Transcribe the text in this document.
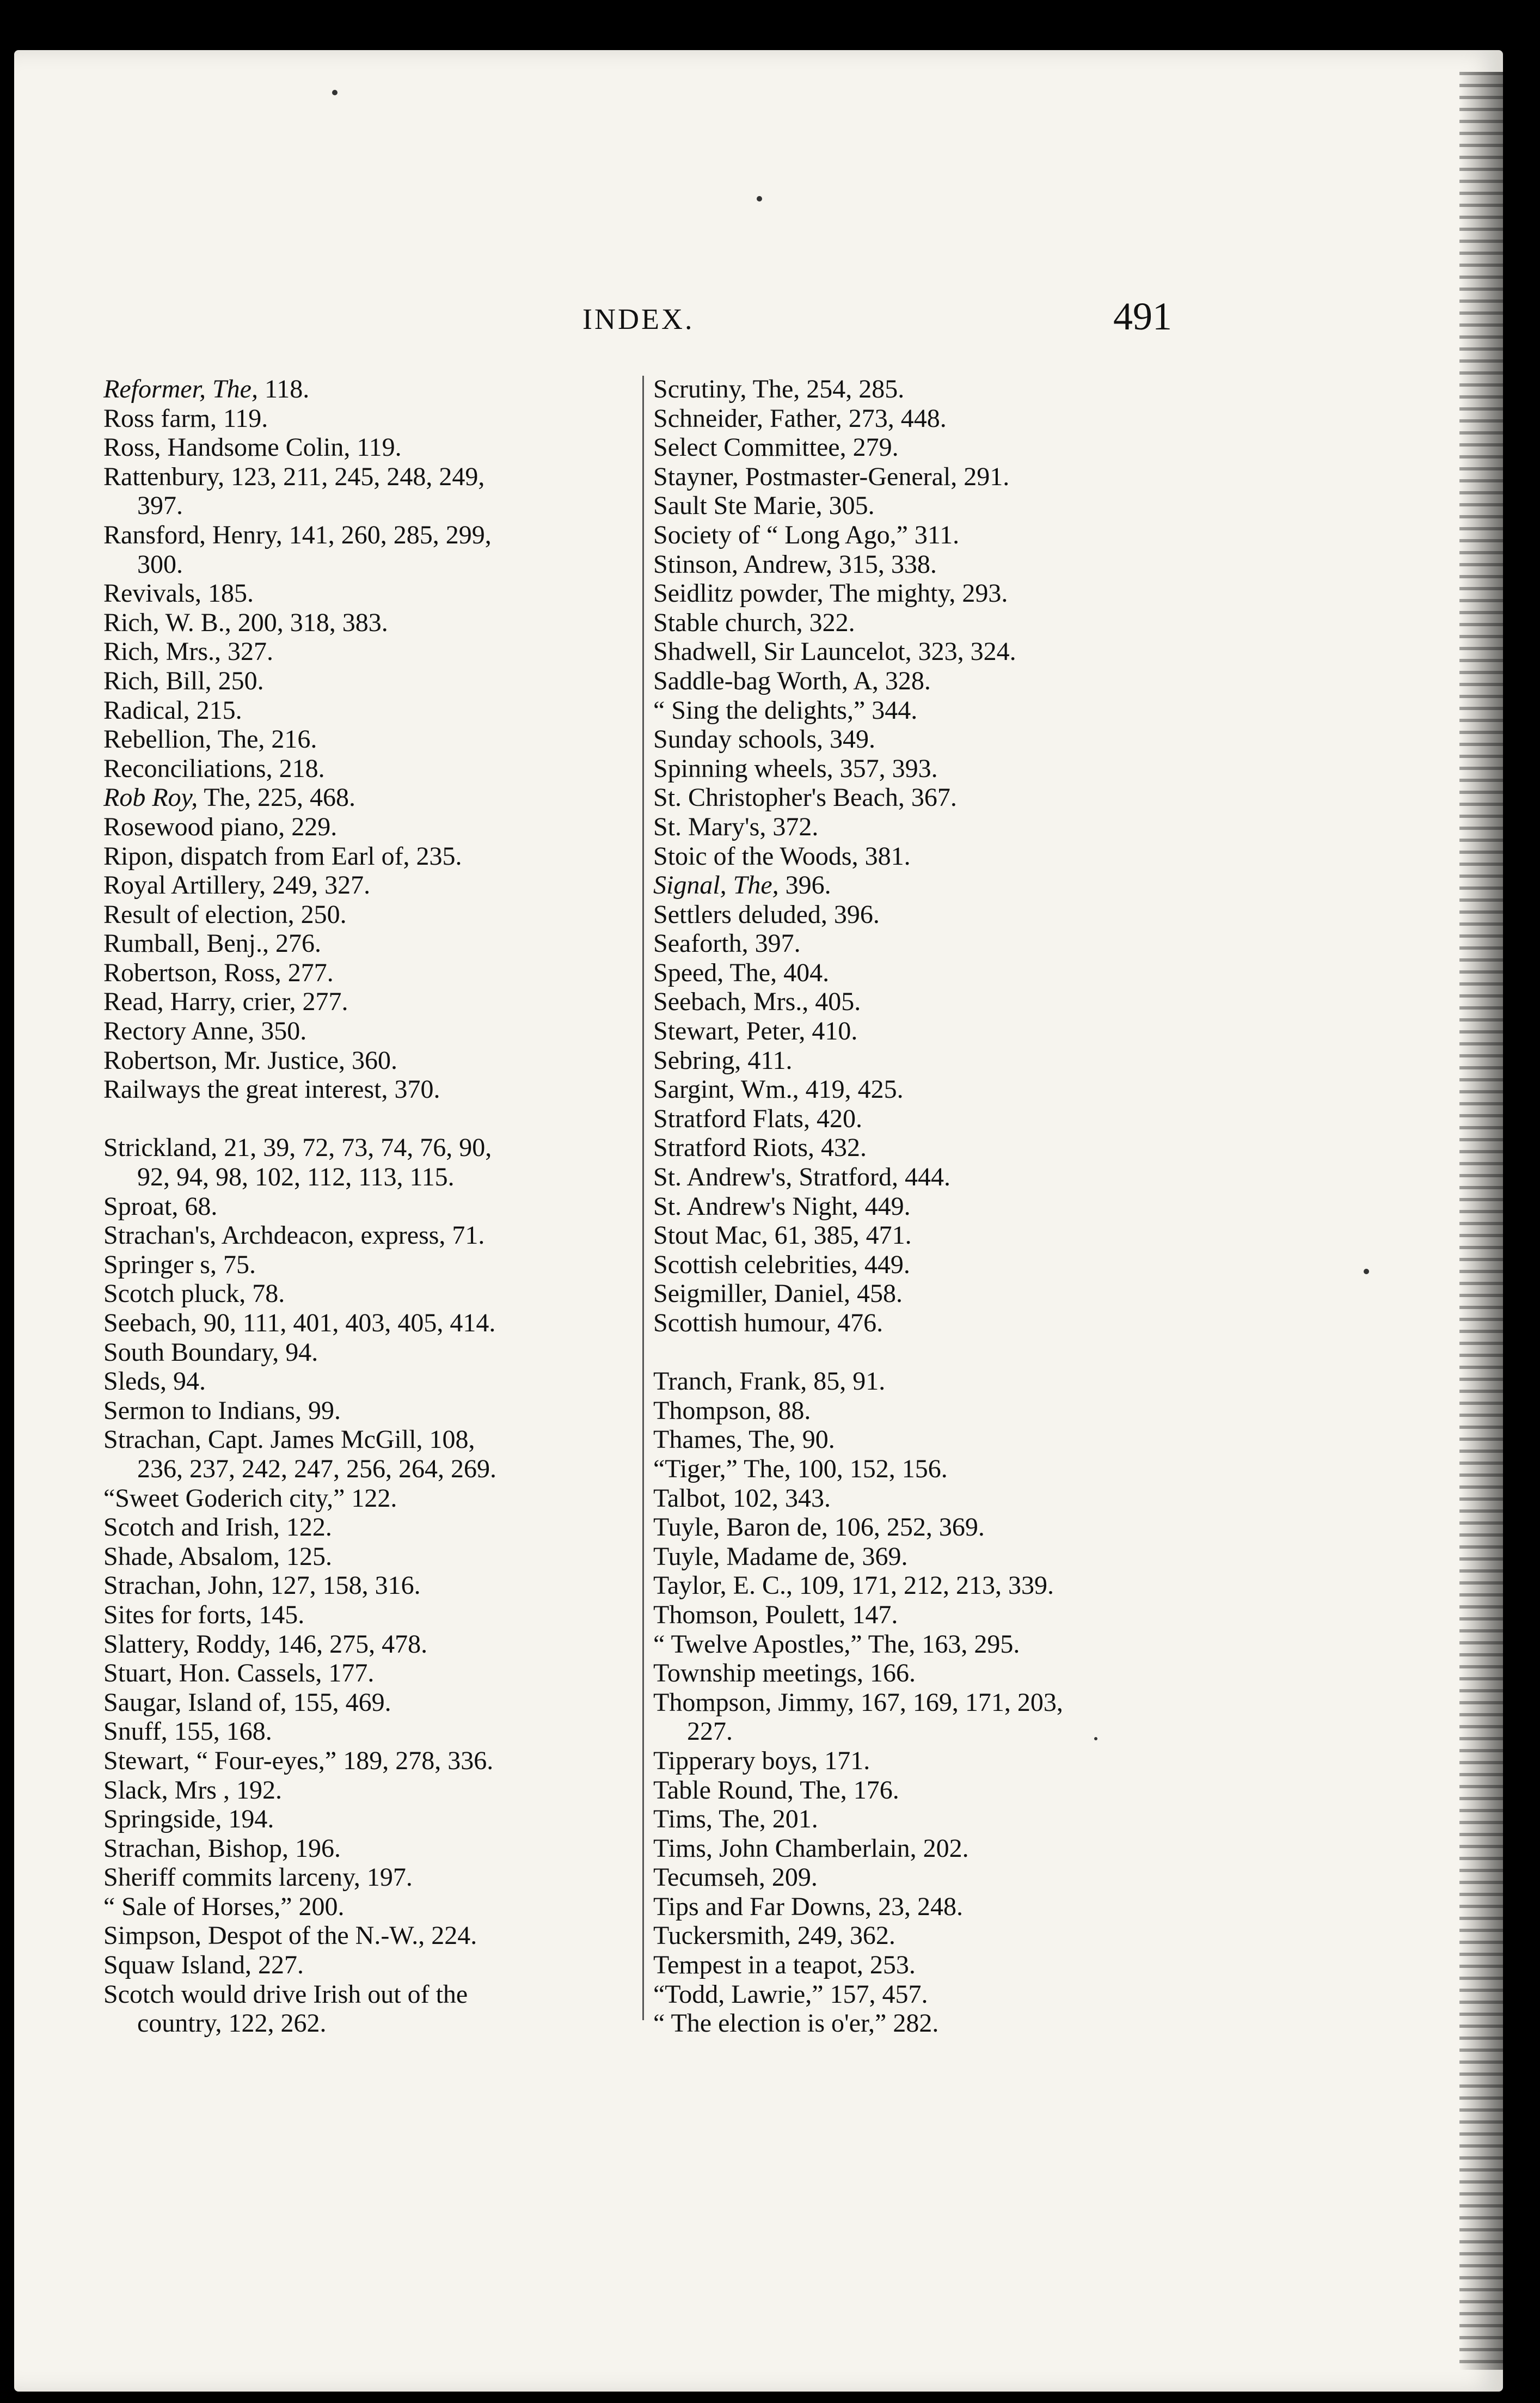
INDEX.	491
Reformer, The, 118.
Ross farm, 119.
Ross, Handsome Colin, 119.
Rattenbury, 123, 211, 245, 248, 249,
397.
Ransford, Henry, 141, 260, 285, 299,
300.
Revivals, 185.
Rich, W. B., 200, 318, 383.
Rich, Mrs., 327.
Rich, Bill, 250.
Radical, 215.
Rebellion, The, 216.
Reconciliations, 218.
Rob Roy, The, 225, 468.
Rosewood piano, 229.
Ripon, dispatch from Earl of, 235.
Royal Artillery, 249, 327.
Result of election, 250.
Rumball, Benj., 276.
Robertson, Ross, 277.
Read, Harry, crier, 277.
Rectory Anne, 350.
Robertson, Mr. Justice, 360.
Railways the great interest, 370.
Strickland, 21, 39, 72, 73, 74, 76, 90,
92, 94, 98, 102, 112, 113, 115.
Sproat, 68.
Strachan's, Archdeacon, express, 71.
Springer s, 75.
Scotch pluck, 78.
Seebach, 90, 111, 401, 403, 405, 414.
South Boundary, 94.
Sleds, 94.
Sermon to Indians, 99.
Strachan, Capt. James McGill, 108,
236, 237, 242, 247, 256, 264, 269.
“Sweet Goderich city,” 122.
Scotch and Irish, 122.
Shade, Absalom, 125.
Strachan, John, 127, 158, 316.
Sites for forts, 145.
Slattery, Roddy, 146, 275, 478.
Stuart, Hon. Cassels, 177.
Saugar, Island of, 155, 469.
Snuff, 155, 168.
Stewart, “ Four-eyes,” 189, 278, 336.
Slack, Mrs , 192.
Springside, 194.
Strachan, Bishop, 196.
Sheriff commits larceny, 197.
“ Sale of Horses,” 200.
Simpson, Despot of the N.-W., 224.
Squaw Island, 227.
Scotch would drive Irish out of the
country, 122, 262.
Scrutiny, The, 254, 285.
Schneider, Father, 273, 448.
Select Committee, 279.
Stayner, Postmaster-General, 291.
Sault Ste Marie, 305.
Society of “ Long Ago,” 311.
Stinson, Andrew, 315, 338.
Seidlitz powder, The mighty, 293.
Stable church, 322.
Shadwell, Sir Launcelot, 323, 324.
Saddle-bag Worth, A, 328.
“ Sing the delights,” 344.
Sunday schools, 349.
Spinning wheels, 357, 393.
St. Christopher's Beach, 367.
St. Mary's, 372.
Stoic of the Woods, 381.
Signal, The, 396.
Settlers deluded, 396.
Seaforth, 397.
Speed, The, 404.
Seebach, Mrs., 405.
Stewart, Peter, 410.
Sebring, 411.
Sargint, Wm., 419, 425.
Stratford Flats, 420.
Stratford Riots, 432.
St. Andrew's, Stratford, 444.
St. Andrew's Night, 449.
Stout Mac, 61, 385, 471.
Scottish celebrities, 449.
Seigmiller, Daniel, 458.
Scottish humour, 476.
Tranch, Frank, 85, 91.
Thompson, 88.
Thames, The, 90.
“Tiger,” The, 100, 152, 156.
Talbot, 102, 343.
Tuyle, Baron de, 106, 252, 369.
Tuyle, Madame de, 369.
Taylor, E. C., 109, 171, 212, 213, 339.
Thomson, Poulett, 147.
“ Twelve Apostles,” The, 163, 295.
Township meetings, 166.
Thompson, Jimmy, 167, 169, 171, 203,
227.
Tipperary boys, 171.
Table Round, The, 176.
Tims, The, 201.
Tims, John Chamberlain, 202.
Tecumseh, 209.
Tips and Far Downs, 23, 248.
Tuckersmith, 249, 362.
Tempest in a teapot, 253.
“Todd, Lawrie,” 157, 457.
“ The election is o'er,” 282.
